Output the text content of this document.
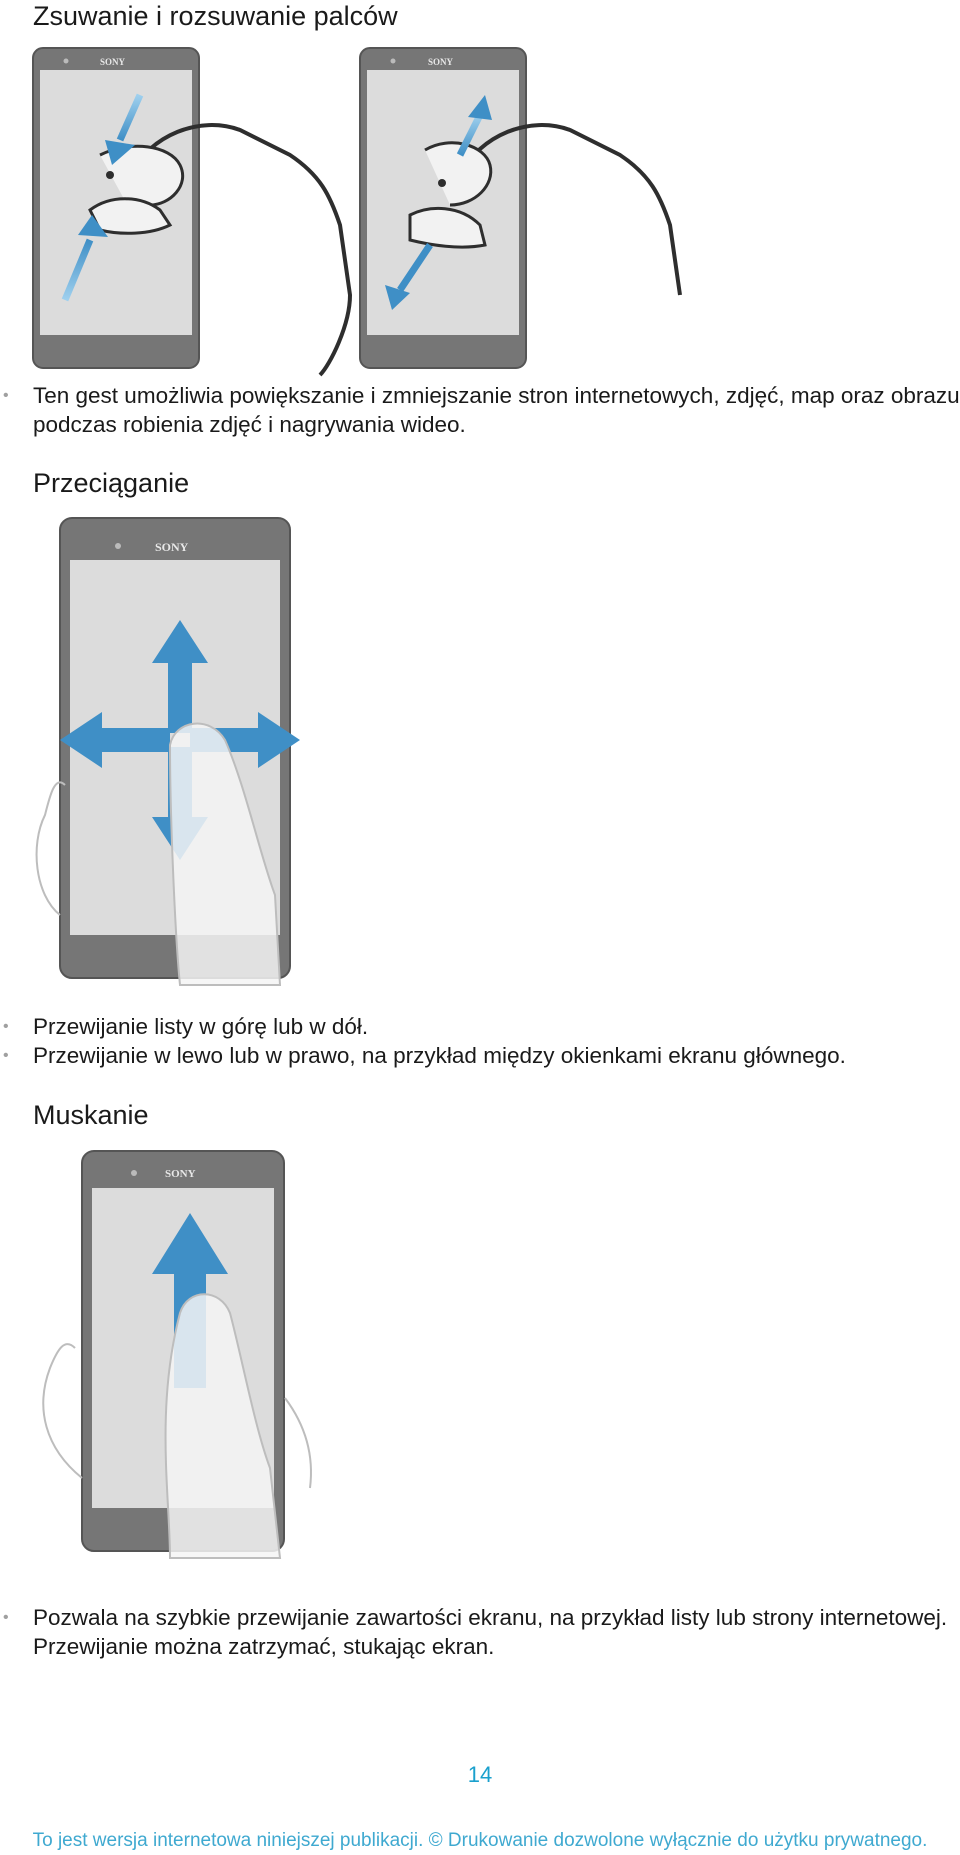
Zsuwanie i rozsuwanie palców
SONY	SONY
• Ten gest umożliwia powiększanie i zmniejszanie stron internetowych, zdjęć, map oraz obrazu podczas robienia zdjęć i nagrywania wideo.
Przeciąganie
SONY
• Przewijanie listy w górę lub w dół.
• Przewijanie w lewo lub w prawo, na przykład między okienkami ekranu głównego.
Muskanie
SONY
• Pozwala na szybkie przewijanie zawartości ekranu, na przykład listy lub strony internetowej. Przewijanie można zatrzymać, stukając ekran.
14
To jest wersja internetowa niniejszej publikacji. © Drukowanie dozwolone wyłącznie do użytku prywatnego.
